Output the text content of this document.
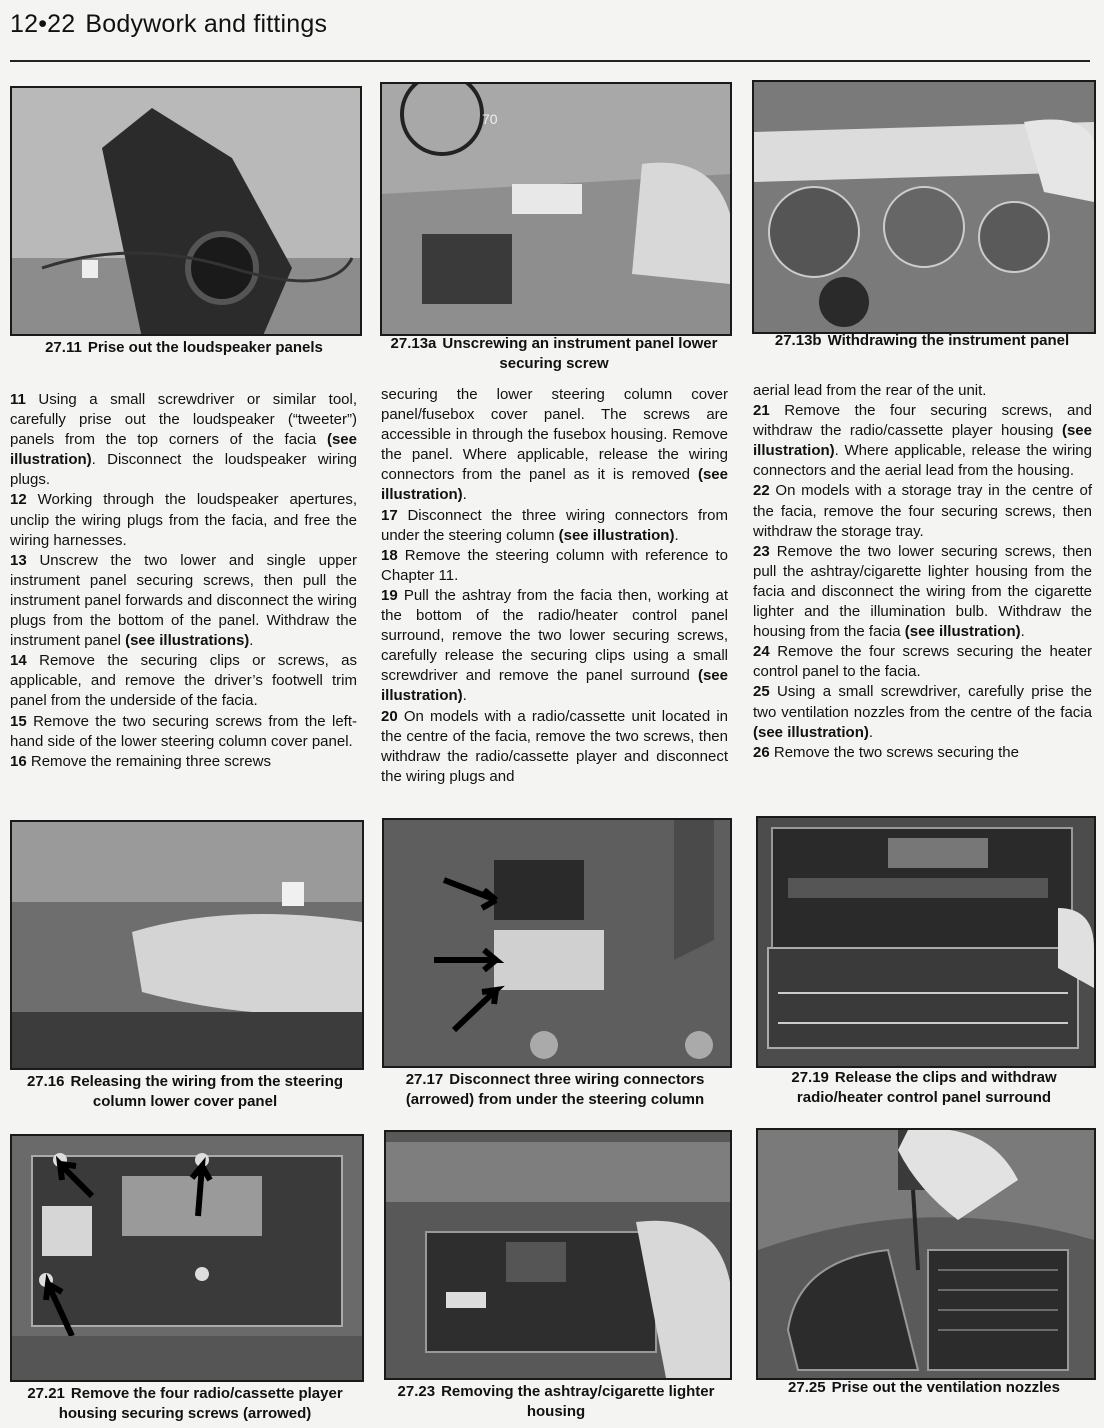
12•22 Bodywork and fittings
70
27.11 Prise out the loudspeaker panels	27.13a Unscrewing an instrument panel lower securing screw
27.13b Withdrawing the instrument panel

11 Using a small screwdriver or similar tool, carefully prise out the loudspeaker (“tweeter”) panels from the top corners of the facia (see illustration). Disconnect the loudspeaker wiring plugs.

12 Working through the loudspeaker apertures, unclip the wiring plugs from the facia, and free the wiring harnesses.

13 Unscrew the two lower and single upper instrument panel securing screws, then pull the instrument panel forwards and disconnect the wiring plugs from the bottom of the panel. Withdraw the instrument panel (see illustrations).

14 Remove the securing clips or screws, as applicable, and remove the driver’s footwell trim panel from the underside of the facia.

15 Remove the two securing screws from the left-hand side of the lower steering column cover panel.

16 Remove the remaining three screws

securing the lower steering column cover panel/fusebox cover panel. The screws are accessible in through the fusebox housing. Remove the panel. Where applicable, release the wiring connectors from the panel as it is removed (see illustration).

17 Disconnect the three wiring connectors from under the steering column (see illustration).

18 Remove the steering column with reference to Chapter 11.

19 Pull the ashtray from the facia then, working at the bottom of the radio/heater control panel surround, remove the two lower securing screws, carefully release the securing clips using a small screwdriver and remove the panel surround (see illustration).

20 On models with a radio/cassette unit located in the centre of the facia, remove the two screws, then withdraw the radio/cassette player and disconnect the wiring plugs and

aerial lead from the rear of the unit.

21 Remove the four securing screws, and withdraw the radio/cassette player housing (see illustration). Where applicable, release the wiring connectors and the aerial lead from the housing.

22 On models with a storage tray in the centre of the facia, remove the four securing screws, then withdraw the storage tray.

23 Remove the two lower securing screws, then pull the ashtray/cigarette lighter housing from the facia and disconnect the wiring from the cigarette lighter and the illumination bulb. Withdraw the housing from the facia (see illustration).

24 Remove the four screws securing the heater control panel to the facia.

25 Using a small screwdriver, carefully prise the two ventilation nozzles from the centre of the facia (see illustration).

26 Remove the two screws securing the

27.16 Releasing the wiring from the steering column lower cover panel
27.17 Disconnect three wiring connectors (arrowed) from under the steering column
27.19 Release the clips and withdraw radio/heater control panel surround
27.21 Remove the four radio/cassette player housing securing screws (arrowed)
27.23 Removing the ashtray/cigarette lighter housing
27.25 Prise out the ventilation nozzles
